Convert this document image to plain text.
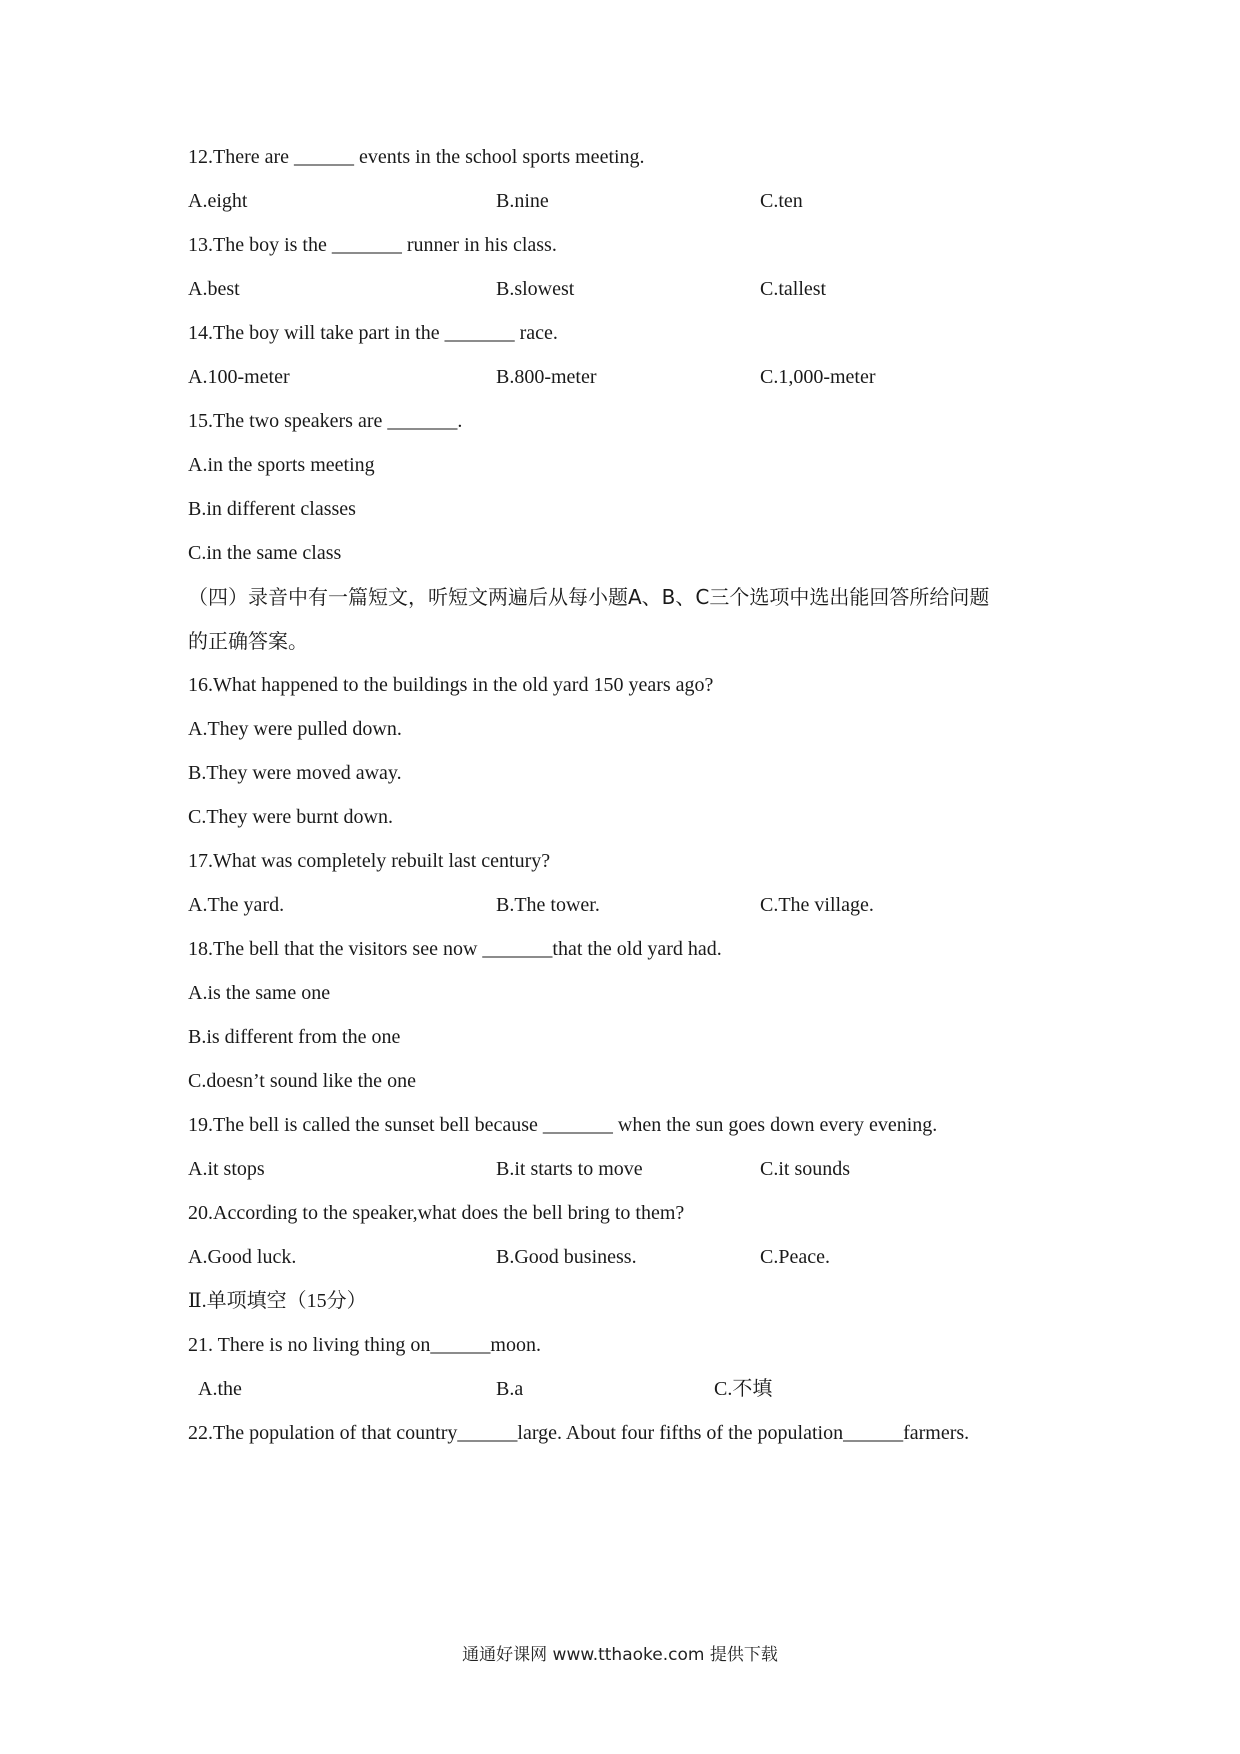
12.There are ______ events in the school sports meeting.
A.eight	B.nine	C.ten
13.The boy is the _______ runner in his class.
A.best	B.slowest	C.tallest
14.The boy will take part in the _______ race.
A.100-meter	B.800-meter	C.1,000-meter
15.The two speakers are _______.
A.in the sports meeting
B.in different classes
C.in the same class
（四）录音中有一篇短文，听短文两遍后从每小题A、B、C三个选项中选出能回答所给问题
的正确答案。
16.What happened to the buildings in the old yard 150 years ago?
A.They were pulled down.
B.They were moved away.
C.They were burnt down.
17.What was completely rebuilt last century?
A.The yard.	B.The tower.	C.The village.
18.The bell that the visitors see now _______that the old yard had.
A.is the same one
B.is different from the one
C.doesn’t sound like the one
19.The bell is called the sunset bell because _______ when the sun goes down every evening.
A.it stops	B.it starts to move	C.it sounds
20.According to the speaker,what does the bell bring to them?
A.Good luck.	B.Good business.	C.Peace.
Ⅱ.单项填空（15分）
21. There is no living thing on______moon.
A.the	B.a	C.不填
22.The population of that country______large. About four fifths of the population______farmers.
通通好课网 www.tthaoke.com 提供下载
